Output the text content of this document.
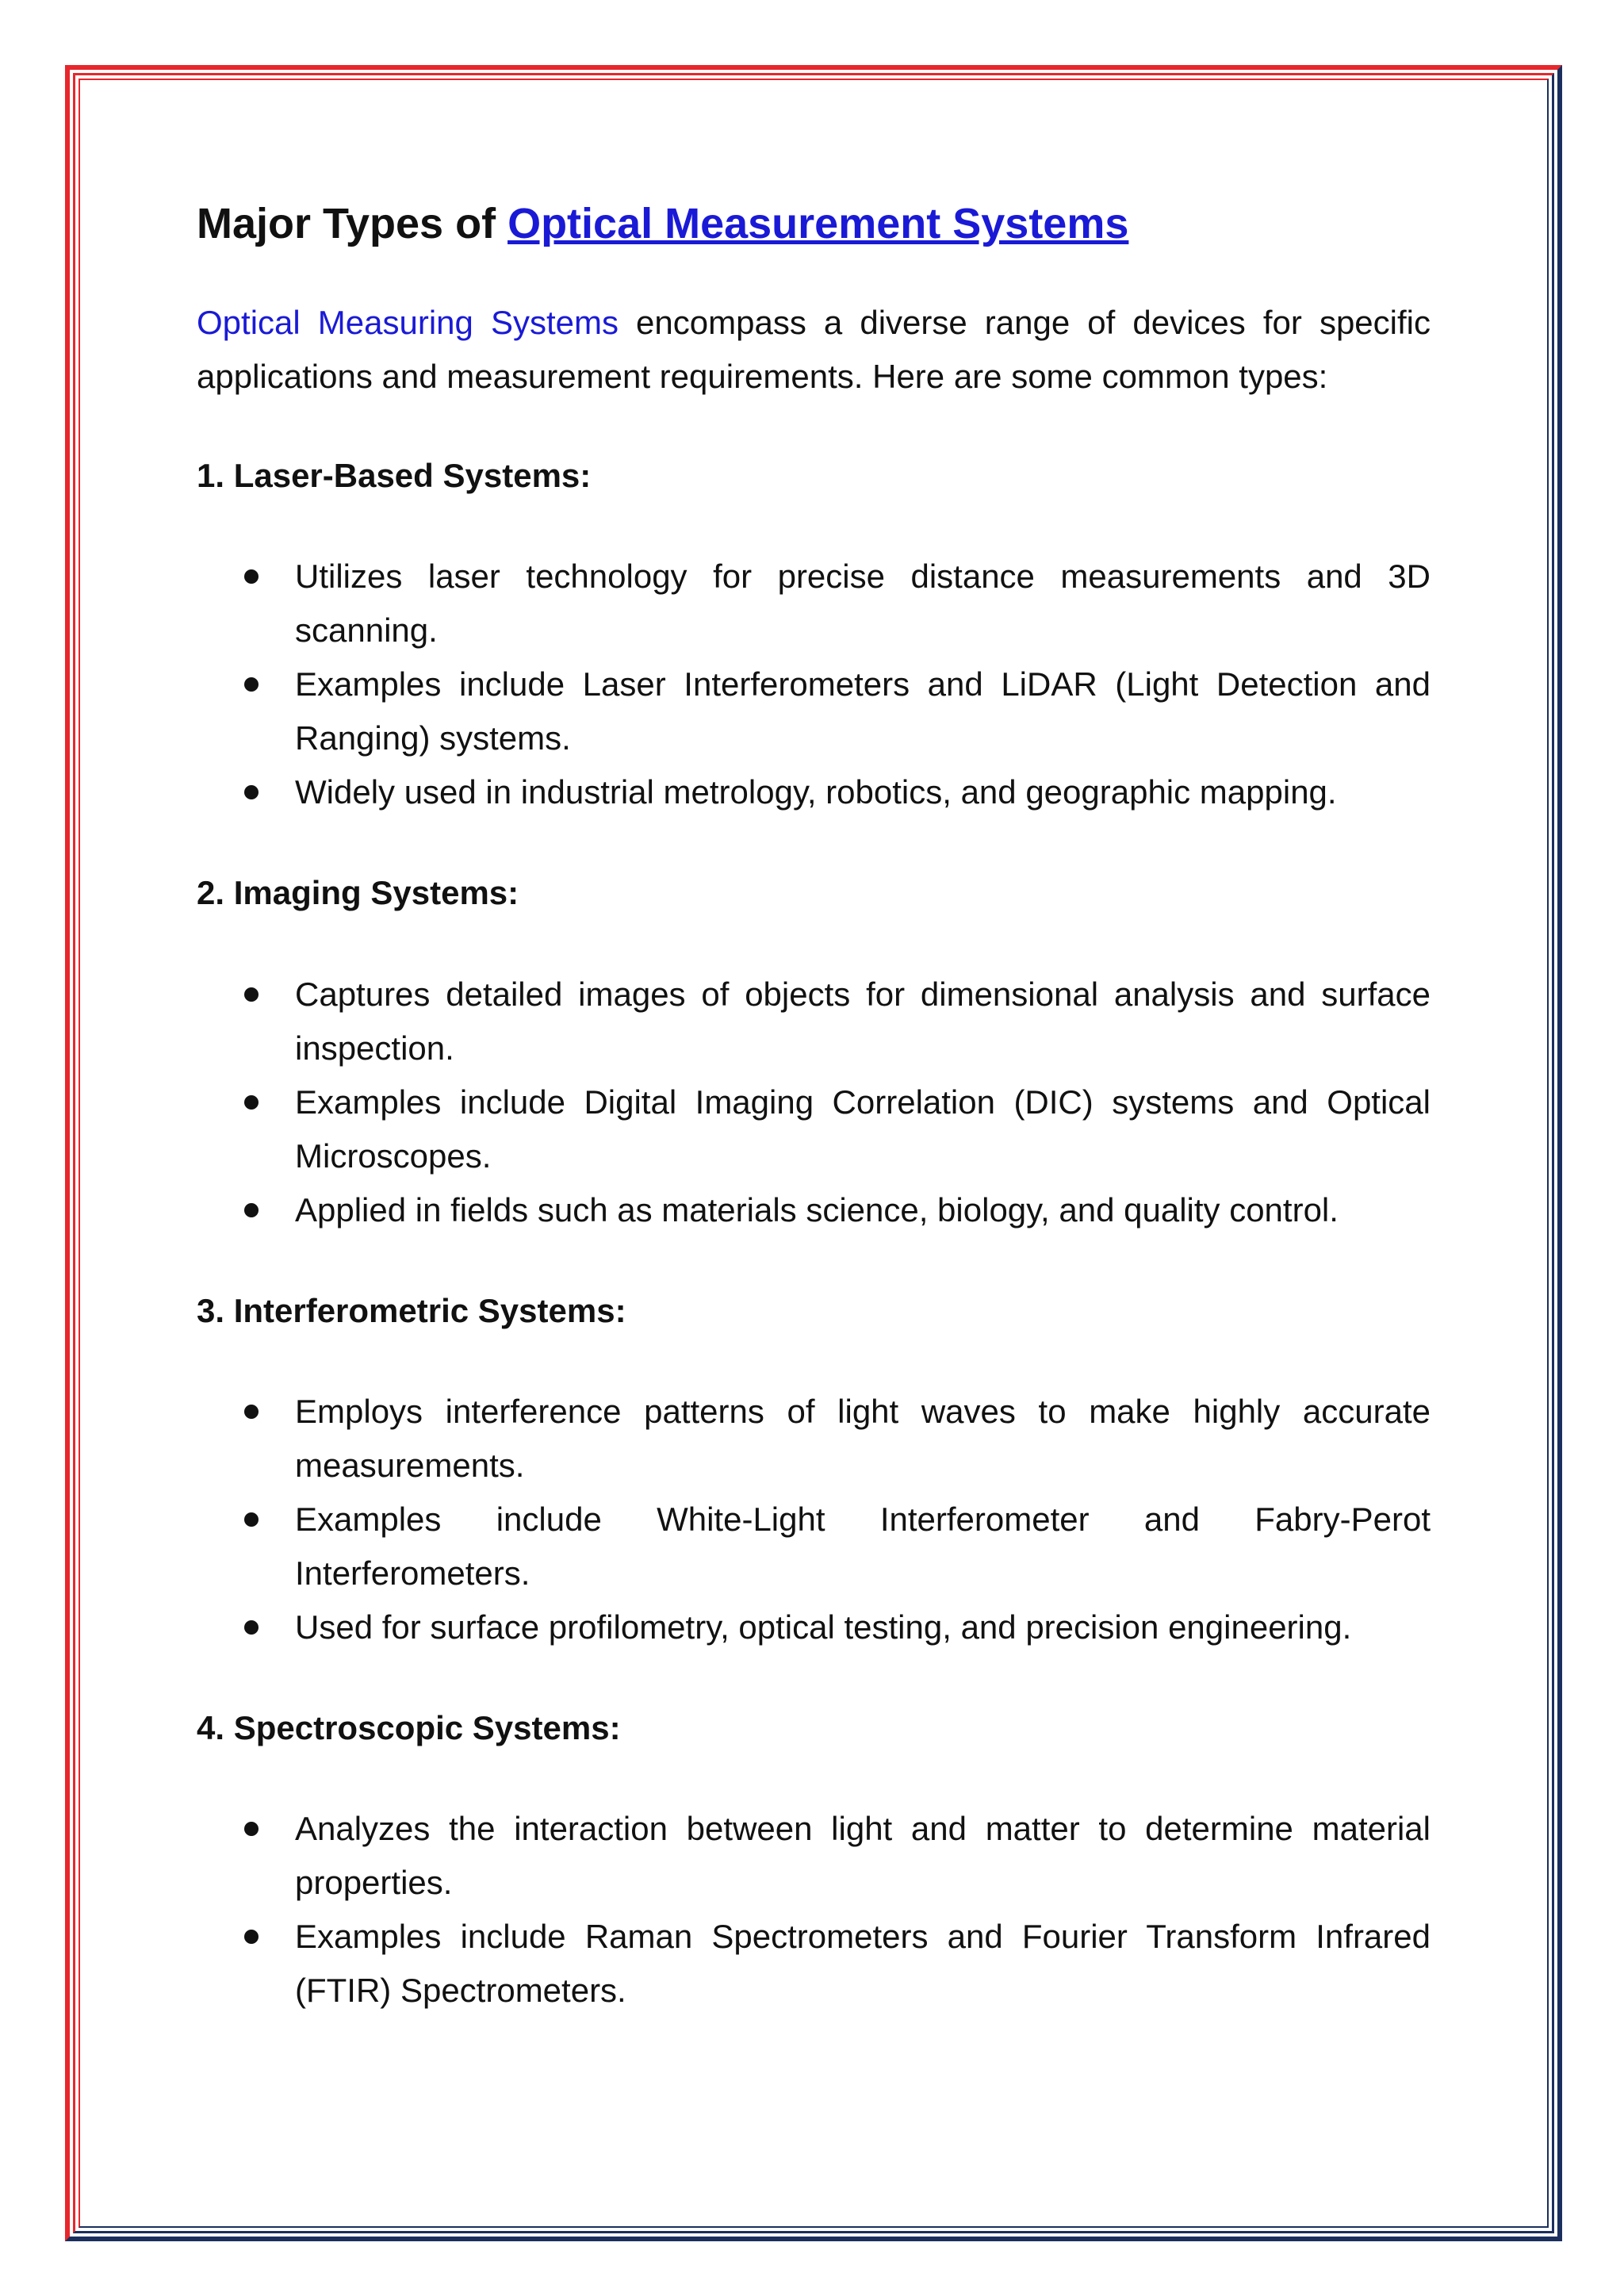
Major Types of Optical Measurement Systems

Optical Measuring Systems encompass a diverse range of devices for specific applications and measurement requirements. Here are some common types:

1. Laser-Based Systems:
Utilizes laser technology for precise distance measurements and 3D scanning.
Examples include Laser Interferometers and LiDAR (Light Detection and Ranging) systems.
Widely used in industrial metrology, robotics, and geographic mapping.
2. Imaging Systems:
Captures detailed images of objects for dimensional analysis and surface inspection.
Examples include Digital Imaging Correlation (DIC) systems and Optical Microscopes.
Applied in fields such as materials science, biology, and quality control.
3. Interferometric Systems:
Employs interference patterns of light waves to make highly accurate measurements.
Examples include White-Light Interferometer and Fabry-Perot Interferometers.
Used for surface profilometry, optical testing, and precision engineering.
4. Spectroscopic Systems:
Analyzes the interaction between light and matter to determine material properties.
Examples include Raman Spectrometers and Fourier Transform Infrared (FTIR) Spectrometers.
